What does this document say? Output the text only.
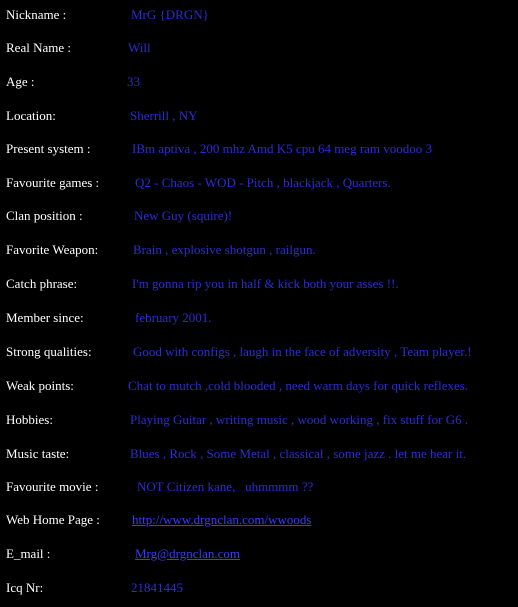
Nickname :	MrG {DRGN}
Real Name :	Will
Age :	33
Location:	Sherrill , NY
Present system :	IBm aptiva , 200 mhz Amd K5 cpu 64 meg ram voodoo 3
Favourite games :	Q2 - Chaos - WOD - Pitch , blackjack , Quarters.
Clan position :	New Guy (squire)!
Favorite Weapon:	Brain , explosive shotgun , railgun.
Catch phrase:	I'm gonna rip you in half & kick both your asses !!.
Member since:	february 2001.
Strong qualities:	Good with configs , laugh in the face of adversity , Team player.!
Weak points:	Chat to mutch ,cold blooded , need warm days for quick reflexes.
Hobbies:	Playing Guitar , writing music , wood working , fix stuff for G6 .
Music taste:	Blues , Rock , Some Metal , classical , some jazz . let me hear it.
Favourite movie :	NOT Citizen kane,   uhmmmm ??
Web Home Page : http://www.drgnclan.com/wwoods
E_mail :	Mrg@drgnclan.com
Icq Nr:	21841445
